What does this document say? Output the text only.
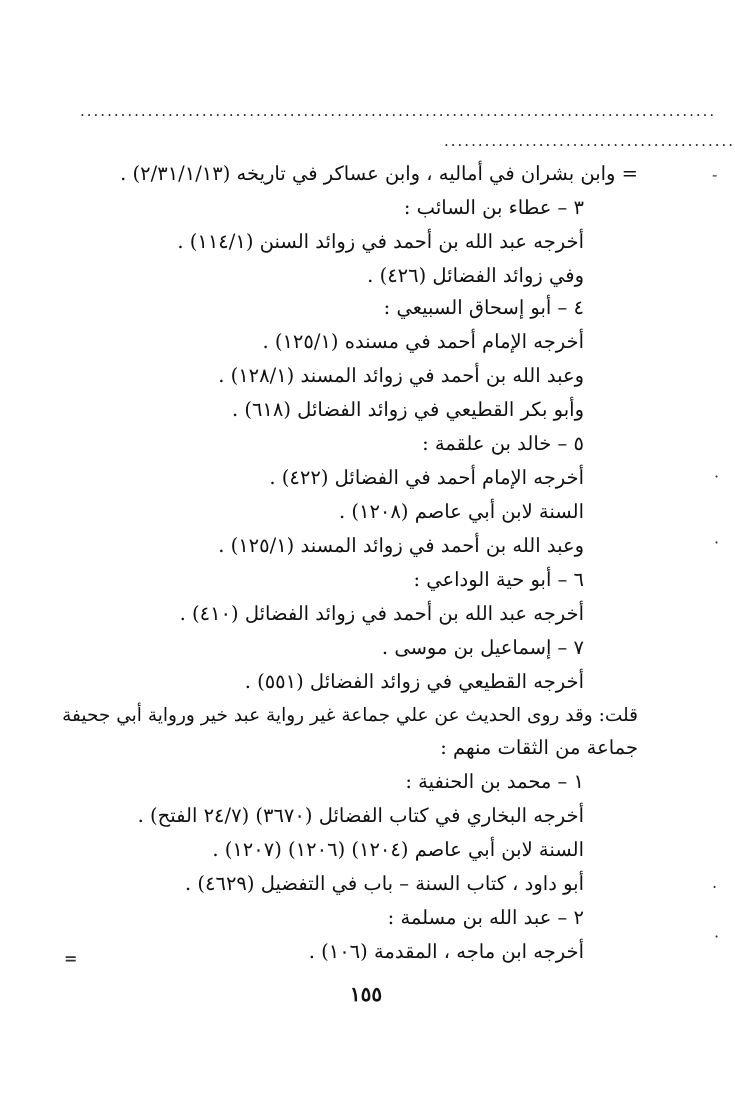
..............................................................................................
...........................................
= وابن بشران في أماليه ، وابن عساكر في تاريخه (٢/٣١/١/١٣) .
٣ – عطاء بن السائب :
أخرجه عبد الله بن أحمد في زوائد السنن (١١٤/١) .
وفي زوائد الفضائل (٤٢٦) .
٤ – أبو إسحاق السبيعي :
أخرجه الإمام أحمد في مسنده (١٢٥/١) .
وعبد الله بن أحمد في زوائد المسند (١٢٨/١) .
وأبو بكر القطيعي في زوائد الفضائل (٦١٨) .
٥ – خالد بن علقمة :
أخرجه الإمام أحمد في الفضائل (٤٢٢) .
السنة لابن أبي عاصم (١٢٠٨) .
وعبد الله بن أحمد في زوائد المسند (١٢٥/١) .
٦ – أبو حية الوداعي :
أخرجه عبد الله بن أحمد في زوائد الفضائل (٤١٠) .
٧ – إسماعيل بن موسى .
أخرجه القطيعي في زوائد الفضائل (٥٥١) .
قلت: وقد روى الحديث عن علي جماعة غير رواية عبد خير ورواية أبي جحيفة
جماعة من الثقات منهم :
١ – محمد بن الحنفية :
أخرجه البخاري في كتاب الفضائل (٣٦٧٠) (٢٤/٧ الفتح) .
السنة لابن أبي عاصم (١٢٠٤) (١٢٠٦) (١٢٠٧) .
أبو داود ، كتاب السنة – باب في التفضيل (٤٦٢٩) .
٢ – عبد الله بن مسلمة :
أخرجه ابن ماجه ، المقدمة (١٠٦) .
-
·
·
.
·
=
١٥٥
